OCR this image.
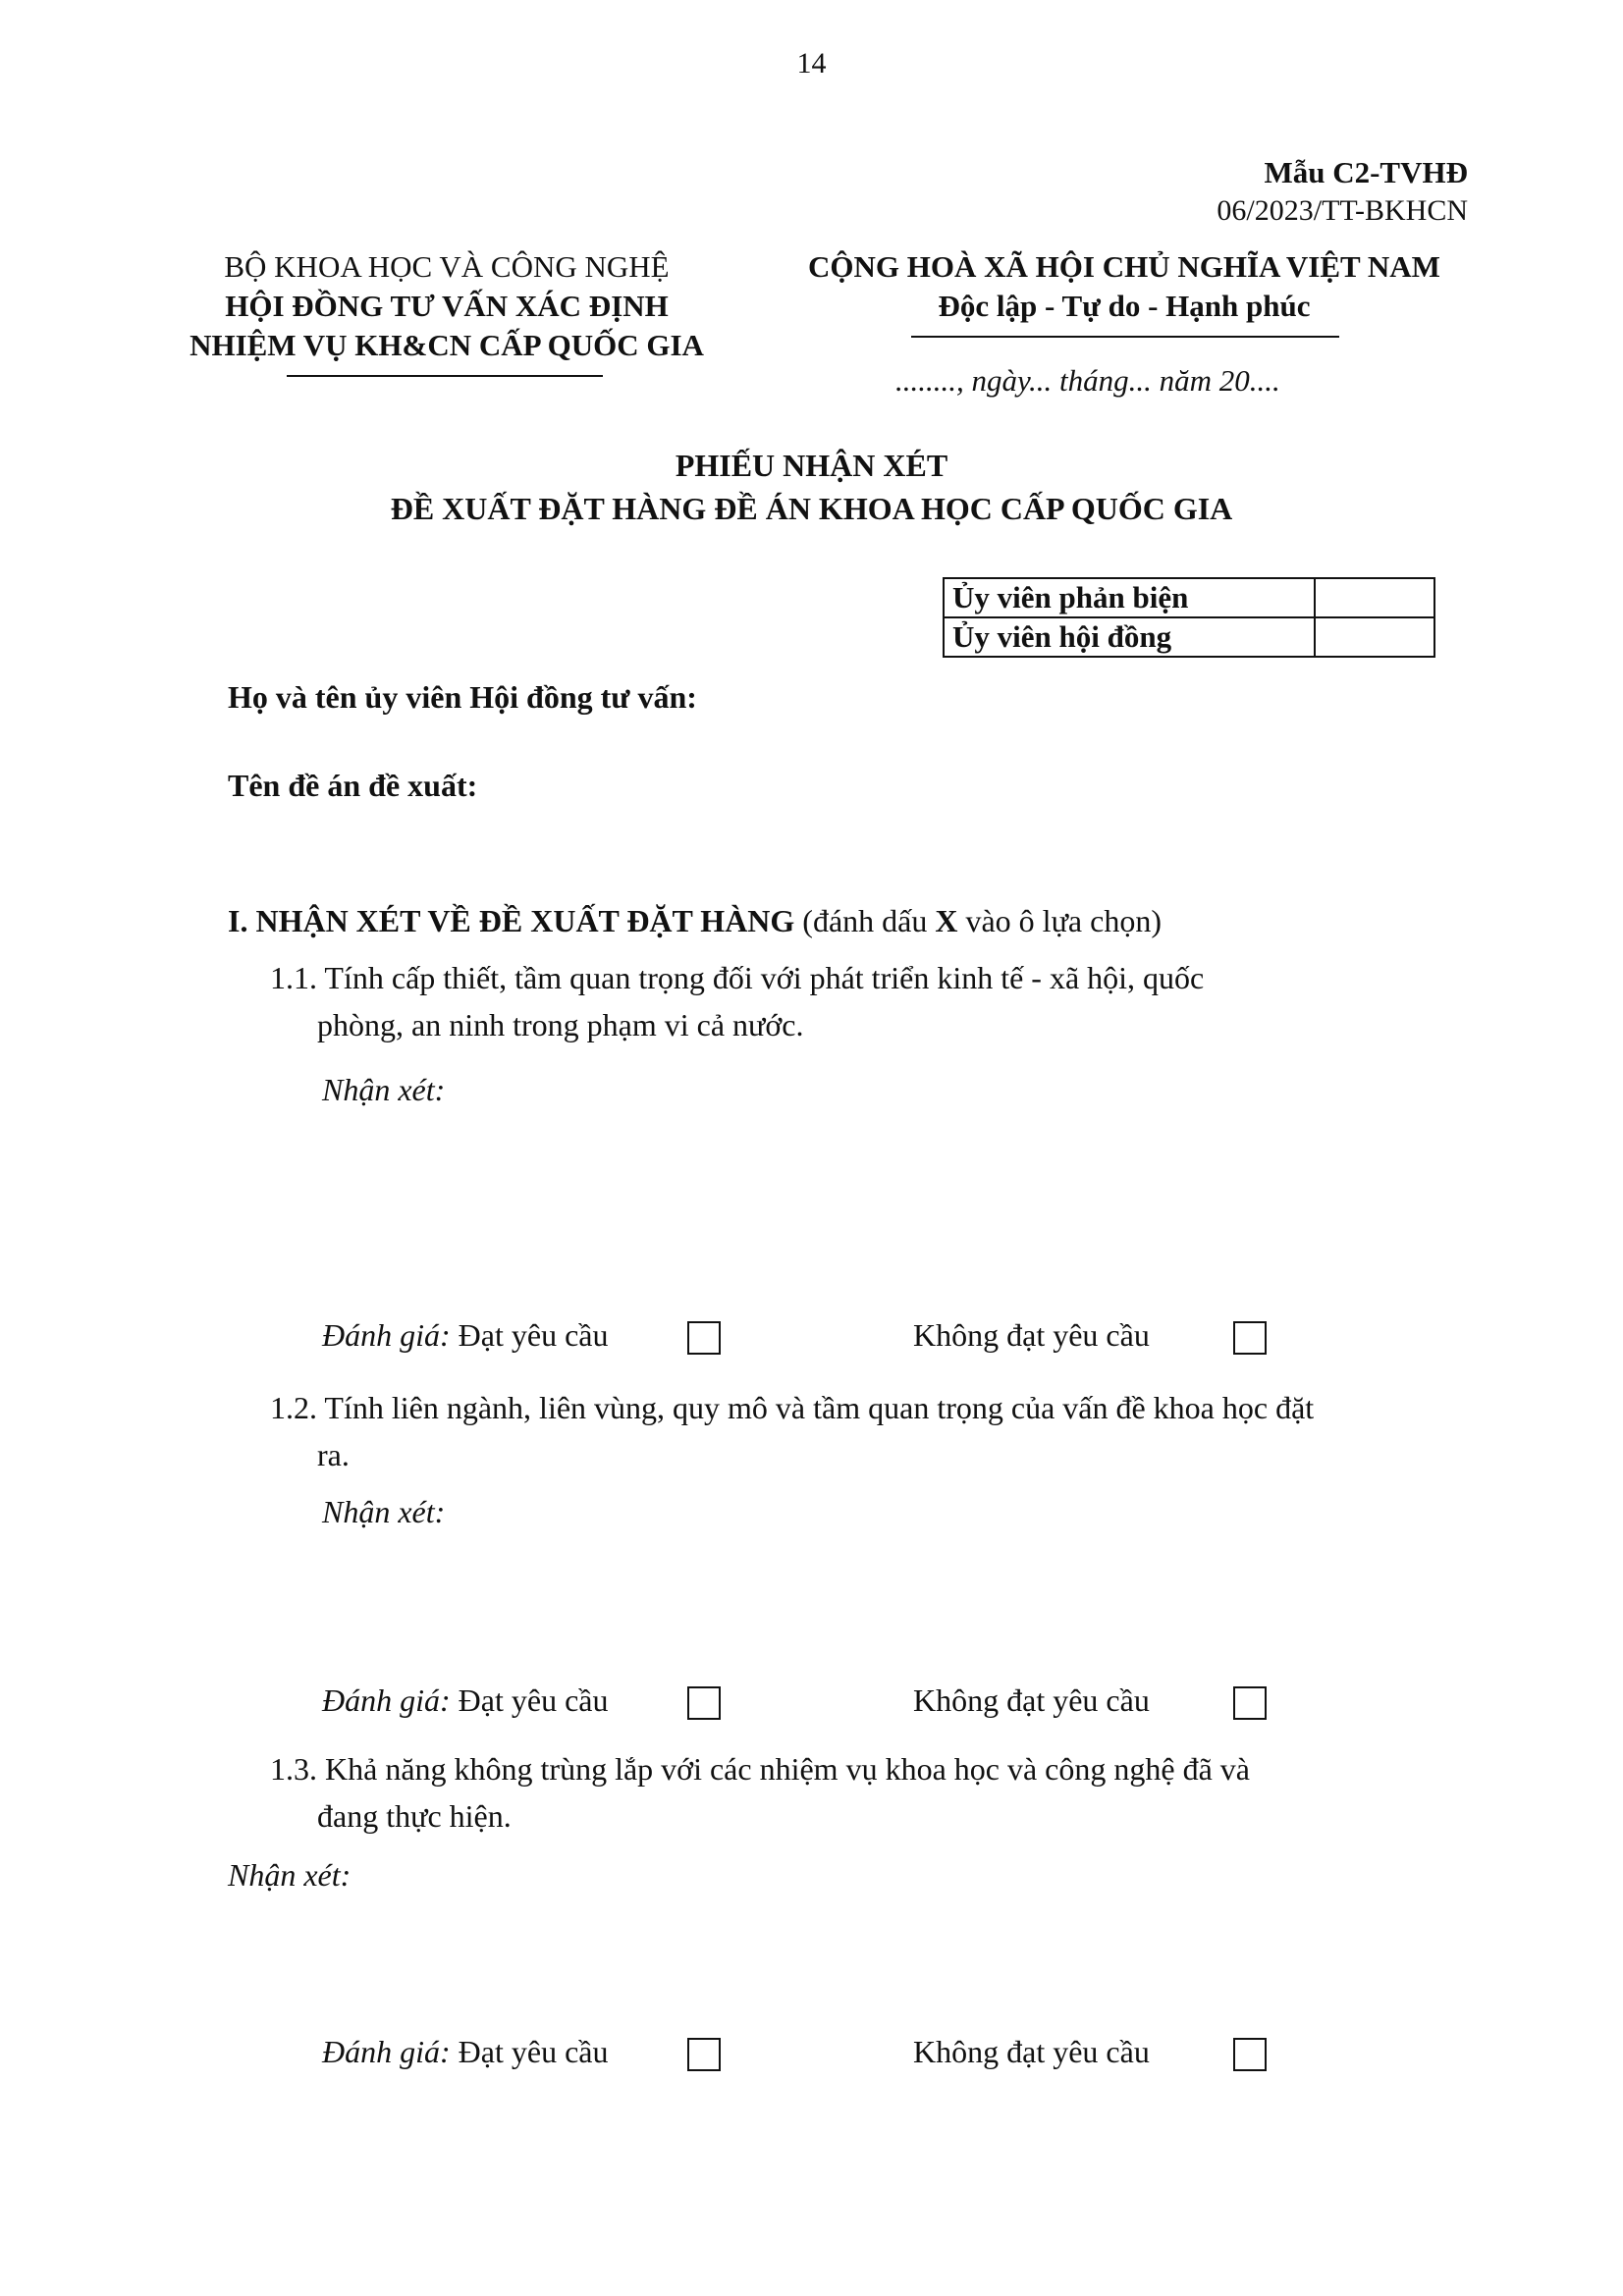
14
Mẫu C2-TVHĐ
06/2023/TT-BKHCN
BỘ KHOA HỌC VÀ CÔNG NGHỆ
HỘI ĐỒNG TƯ VẤN XÁC ĐỊNH
NHIỆM VỤ KH&CN CẤP QUỐC GIA
CỘNG HOÀ XÃ HỘI CHỦ NGHĨA VIỆT NAM
Độc lập - Tự do - Hạnh phúc
........, ngày... tháng... năm 20....
PHIẾU NHẬN XÉT
ĐỀ XUẤT ĐẶT HÀNG ĐỀ ÁN KHOA HỌC CẤP QUỐC GIA
Ủy viên phản biện	
Ủy viên hội đồng	
Họ và tên ủy viên Hội đồng tư vấn:
Tên đề án đề xuất:
I. NHẬN XÉT VỀ ĐỀ XUẤT ĐẶT HÀNG (đánh dấu X vào ô lựa chọn)
1.1. Tính cấp thiết, tầm quan trọng đối với phát triển kinh tế - xã hội, quốc
phòng, an ninh trong phạm vi cả nước.
Nhận xét:
Đánh giá: Đạt yêu cầu	Không đạt yêu cầu
1.2. Tính liên ngành, liên vùng, quy mô và tầm quan trọng của vấn đề khoa học đặt
ra.
Nhận xét:
Đánh giá: Đạt yêu cầu	Không đạt yêu cầu
1.3. Khả năng không trùng lắp với các nhiệm vụ khoa học và công nghệ đã và
đang thực hiện.
Nhận xét:
Đánh giá: Đạt yêu cầu	Không đạt yêu cầu
